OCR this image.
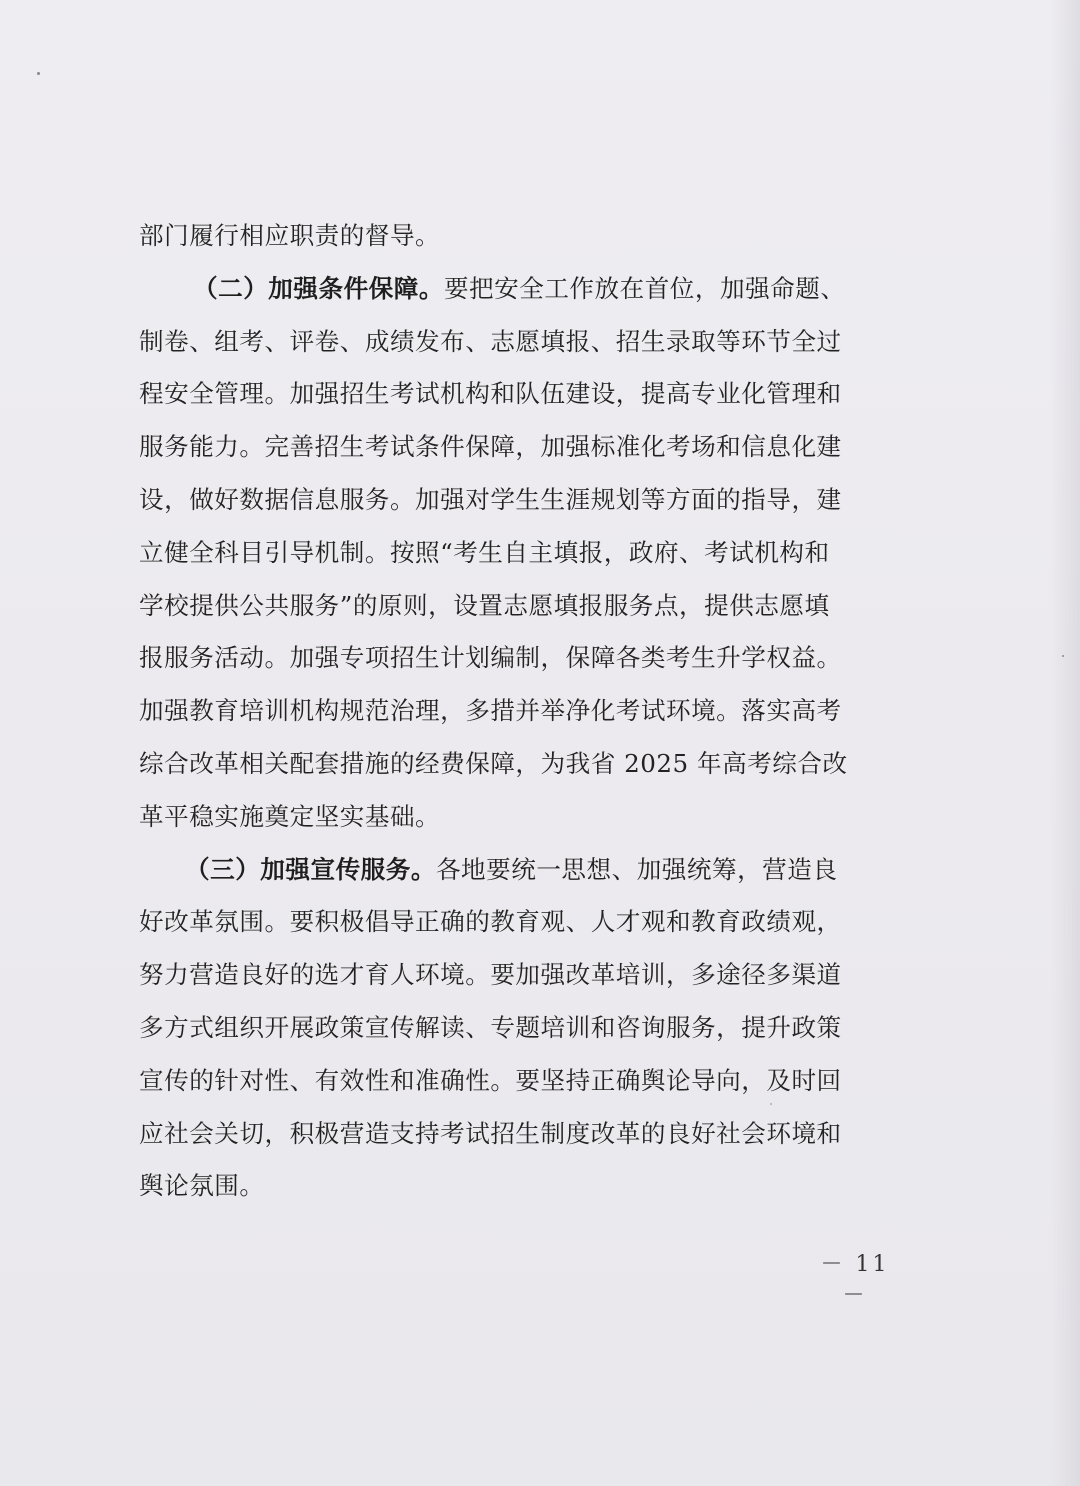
部门履行相应职责的督导。
（二）加强条件保障。要把安全工作放在首位，加强命题、
制卷、组考、评卷、成绩发布、志愿填报、招生录取等环节全过
程安全管理。加强招生考试机构和队伍建设，提高专业化管理和
服务能力。完善招生考试条件保障，加强标准化考场和信息化建
设，做好数据信息服务。加强对学生生涯规划等方面的指导，建
立健全科目引导机制。按照“考生自主填报，政府、考试机构和
学校提供公共服务”的原则，设置志愿填报服务点，提供志愿填
报服务活动。加强专项招生计划编制，保障各类考生升学权益。
加强教育培训机构规范治理，多措并举净化考试环境。落实高考
综合改革相关配套措施的经费保障，为我省 2025 年高考综合改
革平稳实施奠定坚实基础。
（三）加强宣传服务。各地要统一思想、加强统筹，营造良
好改革氛围。要积极倡导正确的教育观、人才观和教育政绩观，
努力营造良好的选才育人环境。要加强改革培训，多途径多渠道
多方式组织开展政策宣传解读、专题培训和咨询服务，提升政策
宣传的针对性、有效性和准确性。要坚持正确舆论导向，及时回
应社会关切，积极营造支持考试招生制度改革的良好社会环境和
舆论氛围。
－ 11 －
